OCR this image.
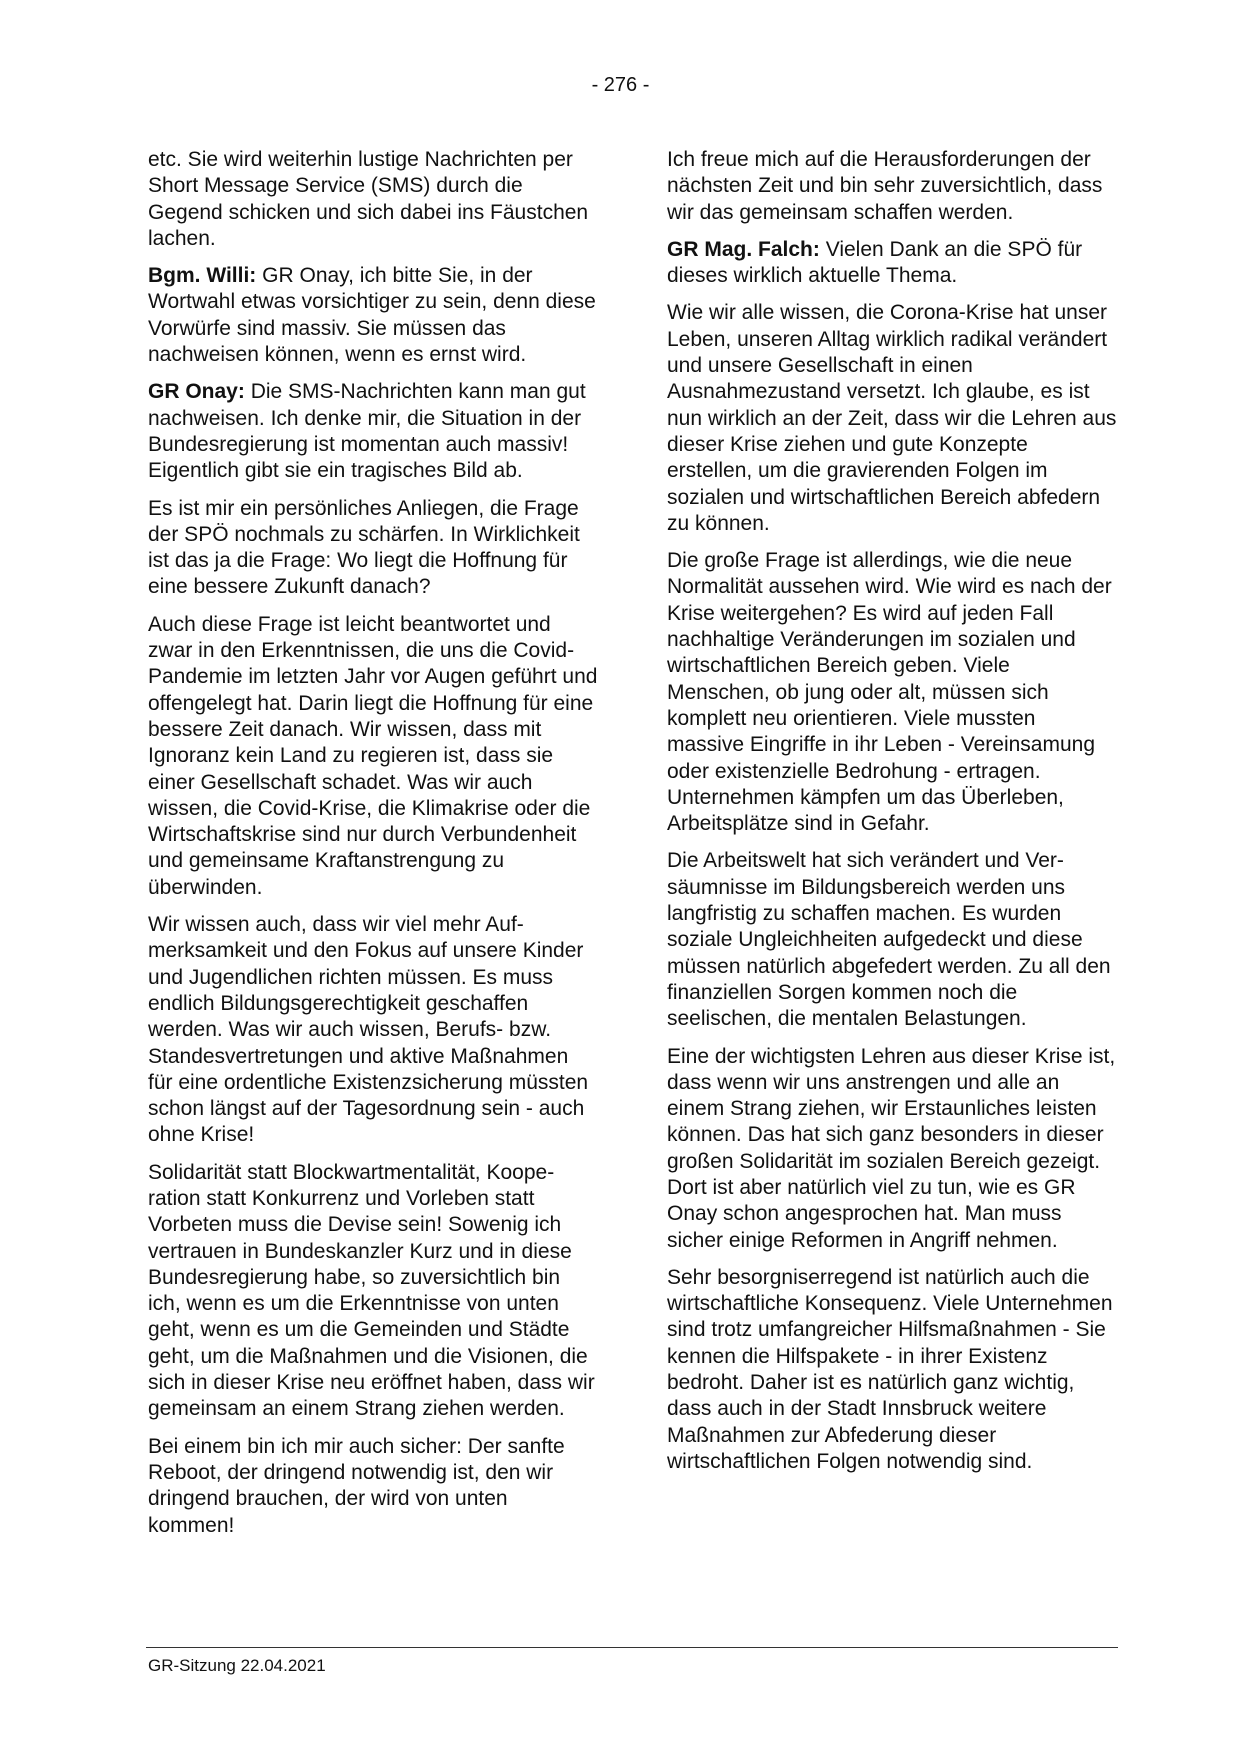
- 276 -

etc. Sie wird weiterhin lustige Nachrichten per Short Message Service (SMS) durch die Gegend schicken und sich dabei ins Fäustchen lachen.

Bgm. Willi: GR Onay, ich bitte Sie, in der Wortwahl etwas vorsichtiger zu sein, denn diese Vorwürfe sind massiv. Sie müssen das nachweisen können, wenn es ernst wird.

GR Onay: Die SMS-Nachrichten kann man gut nachweisen. Ich denke mir, die Situation in der Bundesregierung ist momentan auch massiv! Eigentlich gibt sie ein tragisches Bild ab.

Es ist mir ein persönliches Anliegen, die Frage der SPÖ nochmals zu schärfen. In Wirklichkeit ist das ja die Frage: Wo liegt die Hoffnung für eine bessere Zukunft danach?

Auch diese Frage ist leicht beantwortet und zwar in den Erkenntnissen, die uns die Covid-Pandemie im letzten Jahr vor Augen geführt und offengelegt hat. Darin liegt die Hoffnung für eine bessere Zeit danach. Wir wissen, dass mit Ignoranz kein Land zu regieren ist, dass sie einer Gesellschaft schadet. Was wir auch wissen, die Covid-Krise, die Klimakrise oder die Wirtschaftskrise sind nur durch Verbundenheit und gemeinsame Kraftanstrengung zu überwinden.

Wir wissen auch, dass wir viel mehr Aufmerksamkeit und den Fokus auf unsere Kinder und Jugendlichen richten müssen. Es muss endlich Bildungsgerechtigkeit geschaffen werden. Was wir auch wissen, Berufs- bzw. Standesvertretungen und aktive Maßnahmen für eine ordentliche Existenzsicherung müssten schon längst auf der Tagesordnung sein - auch ohne Krise!

Solidarität statt Blockwartmentalität, Kooperation statt Konkurrenz und Vorleben statt Vorbeten muss die Devise sein! Sowenig ich vertrauen in Bundeskanzler Kurz und in diese Bundesregierung habe, so zuversichtlich bin ich, wenn es um die Erkenntnisse von unten geht, wenn es um die Gemeinden und Städte geht, um die Maßnahmen und die Visionen, die sich in dieser Krise neu eröffnet haben, dass wir gemeinsam an einem Strang ziehen werden.

Bei einem bin ich mir auch sicher: Der sanfte Reboot, der dringend notwendig ist, den wir dringend brauchen, der wird von unten kommen!

Ich freue mich auf die Herausforderungen der nächsten Zeit und bin sehr zuversichtlich, dass wir das gemeinsam schaffen werden.

GR Mag. Falch: Vielen Dank an die SPÖ für dieses wirklich aktuelle Thema.

Wie wir alle wissen, die Corona-Krise hat unser Leben, unseren Alltag wirklich radikal verändert und unsere Gesellschaft in einen Ausnahmezustand versetzt. Ich glaube, es ist nun wirklich an der Zeit, dass wir die Lehren aus dieser Krise ziehen und gute Konzepte erstellen, um die gravierenden Folgen im sozialen und wirtschaftlichen Bereich abfedern zu können.

Die große Frage ist allerdings, wie die neue Normalität aussehen wird. Wie wird es nach der Krise weitergehen? Es wird auf jeden Fall nachhaltige Veränderungen im sozialen und wirtschaftlichen Bereich geben. Viele Menschen, ob jung oder alt, müssen sich komplett neu orientieren. Viele mussten massive Eingriffe in ihr Leben - Vereinsamung oder existenzielle Bedrohung - ertragen. Unternehmen kämpfen um das Überleben, Arbeitsplätze sind in Gefahr.

Die Arbeitswelt hat sich verändert und Versäumnisse im Bildungsbereich werden uns langfristig zu schaffen machen. Es wurden soziale Ungleichheiten aufgedeckt und diese müssen natürlich abgefedert werden. Zu all den finanziellen Sorgen kommen noch die seelischen, die mentalen Belastungen.

Eine der wichtigsten Lehren aus dieser Krise ist, dass wenn wir uns anstrengen und alle an einem Strang ziehen, wir Erstaunliches leisten können. Das hat sich ganz besonders in dieser großen Solidarität im sozialen Bereich gezeigt. Dort ist aber natürlich viel zu tun, wie es GR Onay schon angesprochen hat. Man muss sicher einige Reformen in Angriff nehmen.

Sehr besorgniserregend ist natürlich auch die wirtschaftliche Konsequenz. Viele Unternehmen sind trotz umfangreicher Hilfsmaßnahmen - Sie kennen die Hilfspakete - in ihrer Existenz bedroht. Daher ist es natürlich ganz wichtig, dass auch in der Stadt Innsbruck weitere Maßnahmen zur Abfederung dieser wirtschaftlichen Folgen notwendig sind.

GR-Sitzung 22.04.2021
